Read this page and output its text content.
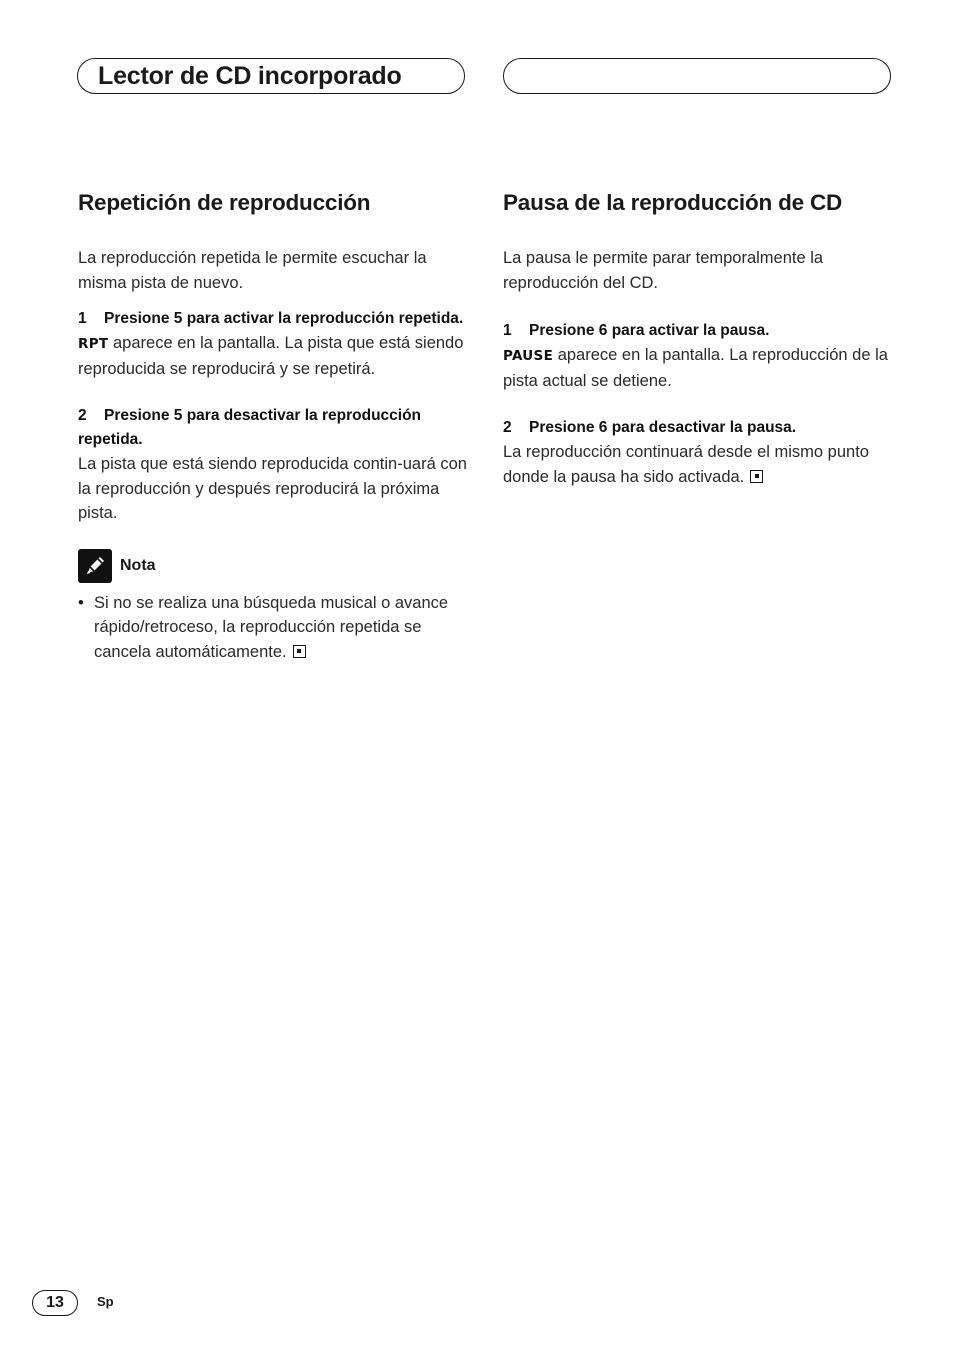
Lector de CD incorporado
Repetición de reproducción

La reproducción repetida le permite escuchar la misma pista de nuevo.

1 Presione 5 para activar la reproducción repetida.

RPT aparece en la pantalla. La pista que está siendo reproducida se reproducirá y se repetirá.

2 Presione 5 para desactivar la reproducción repetida.

La pista que está siendo reproducida contin-uará con la reproducción y después reproducirá la próxima pista.

Nota
• Si no se realiza una búsqueda musical o avance rápido/retroceso, la reproducción repetida se cancela automáticamente.

Pausa de la reproducción de CD

La pausa le permite parar temporalmente la reproducción del CD.

1 Presione 6 para activar la pausa.

PAUSE aparece en la pantalla. La reproducción de la pista actual se detiene.

2 Presione 6 para desactivar la pausa.

La reproducción continuará desde el mismo punto donde la pausa ha sido activada.

13	Sp
